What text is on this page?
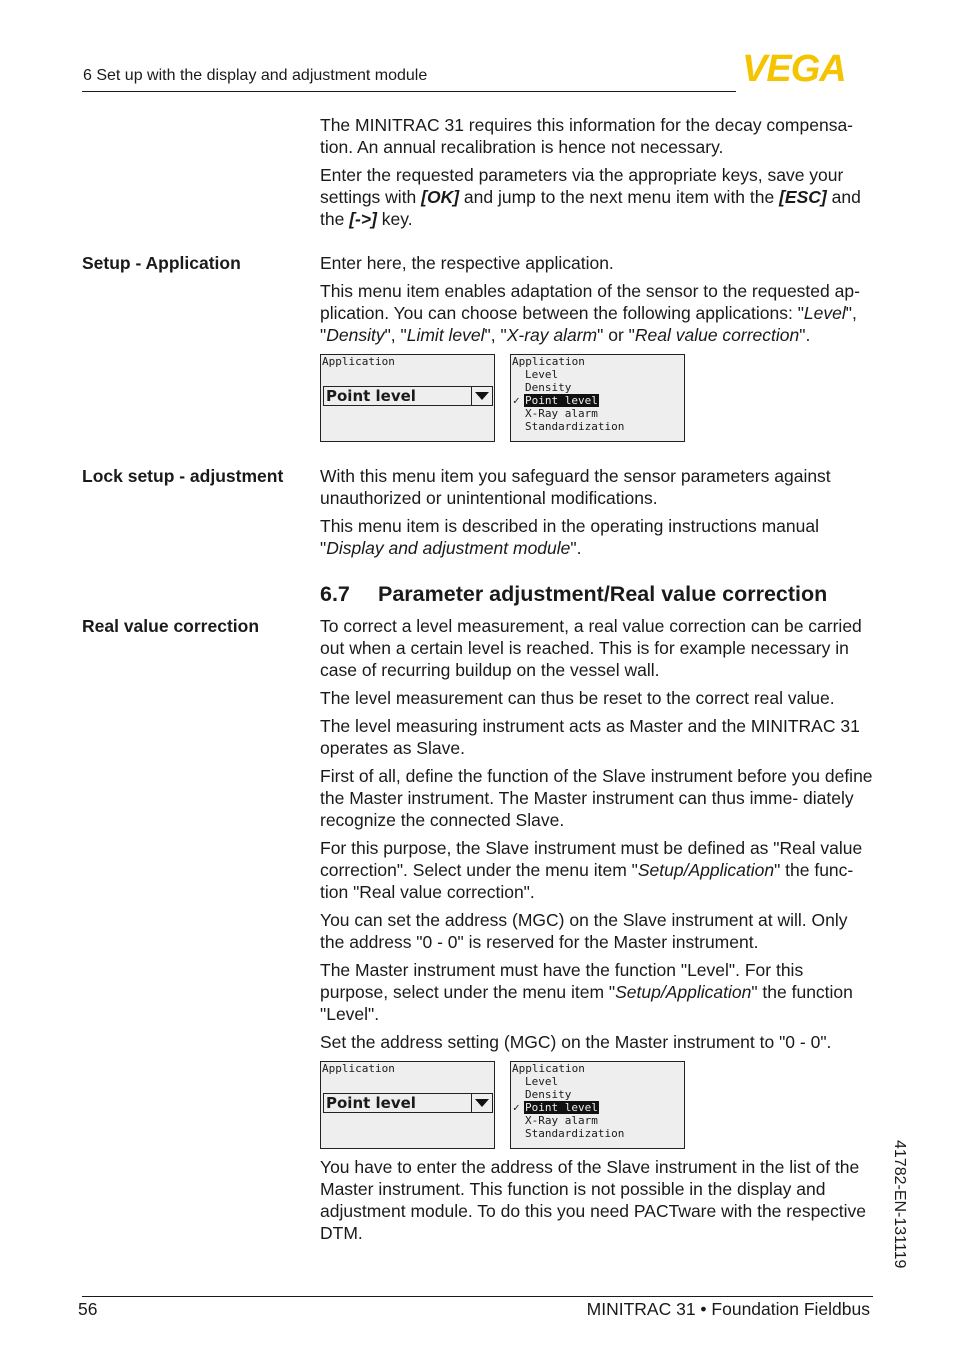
6 Set up with the display and adjustment module	VEGA
The MINITRAC 31 requires this information for the decay compensa- tion. An annual recalibration is hence not necessary.
Enter the requested parameters via the appropriate keys, save your settings with [OK] and jump to the next menu item with the [ESC] and the [->] key.
Setup - Application	Enter here, the respective application.
This menu item enables adaptation of the sensor to the requested ap- plication. You can choose between the following applications: "Level", "Density", "Limit level", "X-ray alarm" or "Real value correction".
Application
Point level
Application
Level
Density
✓ Point level
X-Ray alarm
Standardization
Lock setup - adjustment With this menu item you safeguard the sensor parameters against unauthorized or unintentional modifications.
This menu item is described in the operating instructions manual "Display and adjustment module".
6.7 Parameter adjustment/Real value correction
Real value correction	To correct a level measurement, a real value correction can be carried out when a certain level is reached. This is for example necessary in case of recurring buildup on the vessel wall.
The level measurement can thus be reset to the correct real value.
The level measuring instrument acts as Master and the MINITRAC 31 operates as Slave.
First of all, define the function of the Slave instrument before you define the Master instrument. The Master instrument can thus imme- diately recognize the connected Slave.
For this purpose, the Slave instrument must be defined as "Real value correction". Select under the menu item "Setup/Application" the func- tion "Real value correction".
You can set the address (MGC) on the Slave instrument at will. Only the address "0 - 0" is reserved for the Master instrument.
The Master instrument must have the function "Level". For this purpose, select under the menu item "Setup/Application" the function "Level".
Set the address setting (MGC) on the Master instrument to "0 - 0".
Application
Point level
Application
Level
Density
✓ Point level
X-Ray alarm
Standardization
You have to enter the address of the Slave instrument in the list of the Master instrument. This function is not possible in the display and adjustment module. To do this you need PACTware with the respective DTM.	41782-EN-131119
56	MINITRAC 31 • Foundation Fieldbus
